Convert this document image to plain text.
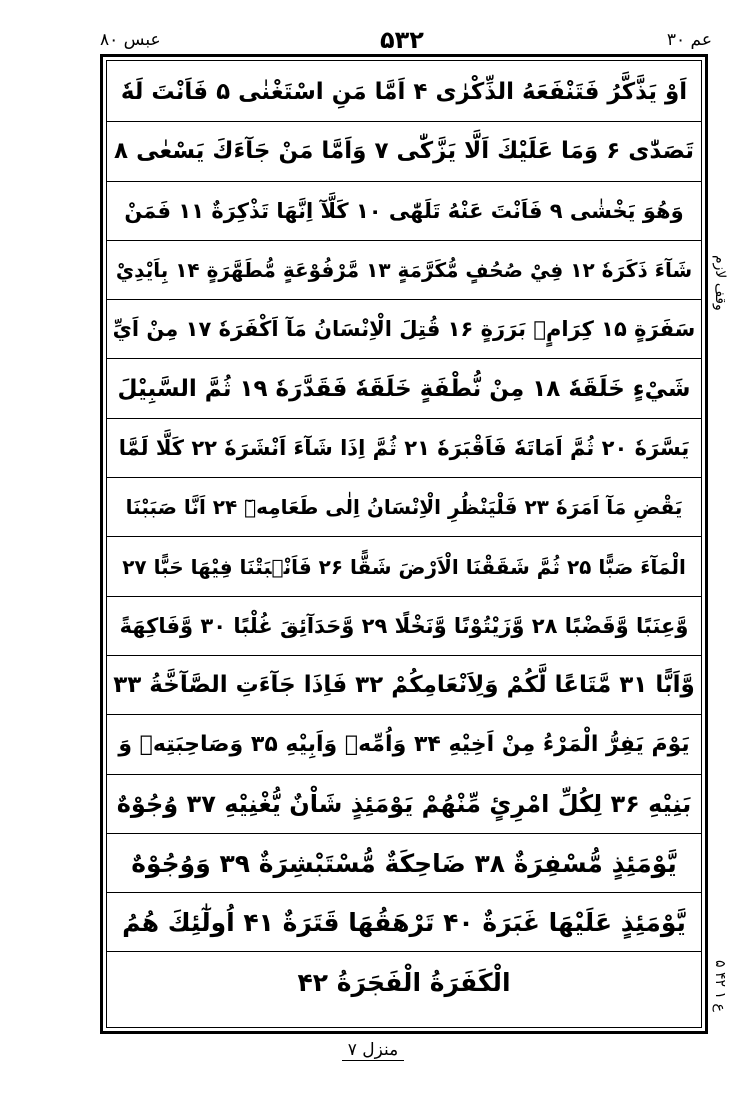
عبس ۸۰	۵۳۲	عم ۳۰
اَوْ يَذَّكَّرُ فَتَنْفَعَهُ الذِّكْرٰى ۴ اَمَّا مَنِ اسْتَغْنٰى ۵ فَاَنْتَ لَهٗ
تَصَدّٰى ۶ وَمَا عَلَيْكَ اَلَّا يَزَّكّٰى ۷ وَاَمَّا مَنْ جَآءَكَ يَسْعٰى ۸
وَهُوَ يَخْشٰى ۹ فَاَنْتَ عَنْهُ تَلَهّٰى ۱۰ كَلَّآ اِنَّهَا تَذْكِرَةٌ ۱۱ فَمَنْ
شَآءَ ذَكَرَهٗ ۱۲ فِيْ صُحُفٍ مُّكَرَّمَةٍ ۱۳ مَّرْفُوْعَةٍ مُّطَهَّرَةٍ ۱۴ بِاَيْدِيْ
سَفَرَةٍ ۱۵ كِرَامٍۭ بَرَرَةٍ ۱۶ قُتِلَ الْاِنْسَانُ مَآ اَكْفَرَهٗ ۱۷ مِنْ اَيِّ
شَيْءٍ خَلَقَهٗ ۱۸ مِنْ نُّطْفَةٍ خَلَقَهٗ فَقَدَّرَهٗ ۱۹ ثُمَّ السَّبِيْلَ
يَسَّرَهٗ ۲۰ ثُمَّ اَمَاتَهٗ فَاَقْبَرَهٗ ۲۱ ثُمَّ اِذَا شَآءَ اَنْشَرَهٗ ۲۲ كَلَّا لَمَّا
يَقْضِ مَآ اَمَرَهٗ ۲۳ فَلْيَنْظُرِ الْاِنْسَانُ اِلٰى طَعَامِهٖٓ ۲۴ اَنَّا صَبَبْنَا
الْمَآءَ صَبًّا ۲۵ ثُمَّ شَقَقْنَا الْاَرْضَ شَقًّا ۲۶ فَاَنْۢبَتْنَا فِيْهَا حَبًّا ۲۷
وَّعِنَبًا وَّقَضْبًا ۲۸ وَّزَيْتُوْنًا وَّنَخْلًا ۲۹ وَّحَدَآئِقَ غُلْبًا ۳۰ وَّفَاكِهَةً
وَّاَبًّا ۳۱ مَّتَاعًا لَّكُمْ وَلِاَنْعَامِكُمْ ۳۲ فَاِذَا جَآءَتِ الصَّآخَّةُ ۳۳
يَوْمَ يَفِرُّ الْمَرْءُ مِنْ اَخِيْهِ ۳۴ وَاُمِّهٖ وَاَبِيْهِ ۳۵ وَصَاحِبَتِهٖ وَ
بَنِيْهِ ۳۶ لِكُلِّ امْرِئٍ مِّنْهُمْ يَوْمَئِذٍ شَاْنٌ يُّغْنِيْهِ ۳۷ وُجُوْهٌ
يَّوْمَئِذٍ مُّسْفِرَةٌ ۳۸ ضَاحِكَةٌ مُّسْتَبْشِرَةٌ ۳۹ وَوُجُوْهٌ
يَّوْمَئِذٍ عَلَيْهَا غَبَرَةٌ ۴۰ تَرْهَقُهَا قَتَرَةٌ ۴۱ اُولٰٓئِكَ هُمُ
الْكَفَرَةُ الْفَجَرَةُ ۴۲
وقف لازم
ع ۱ ۴۲ ۵
منزل ۷
